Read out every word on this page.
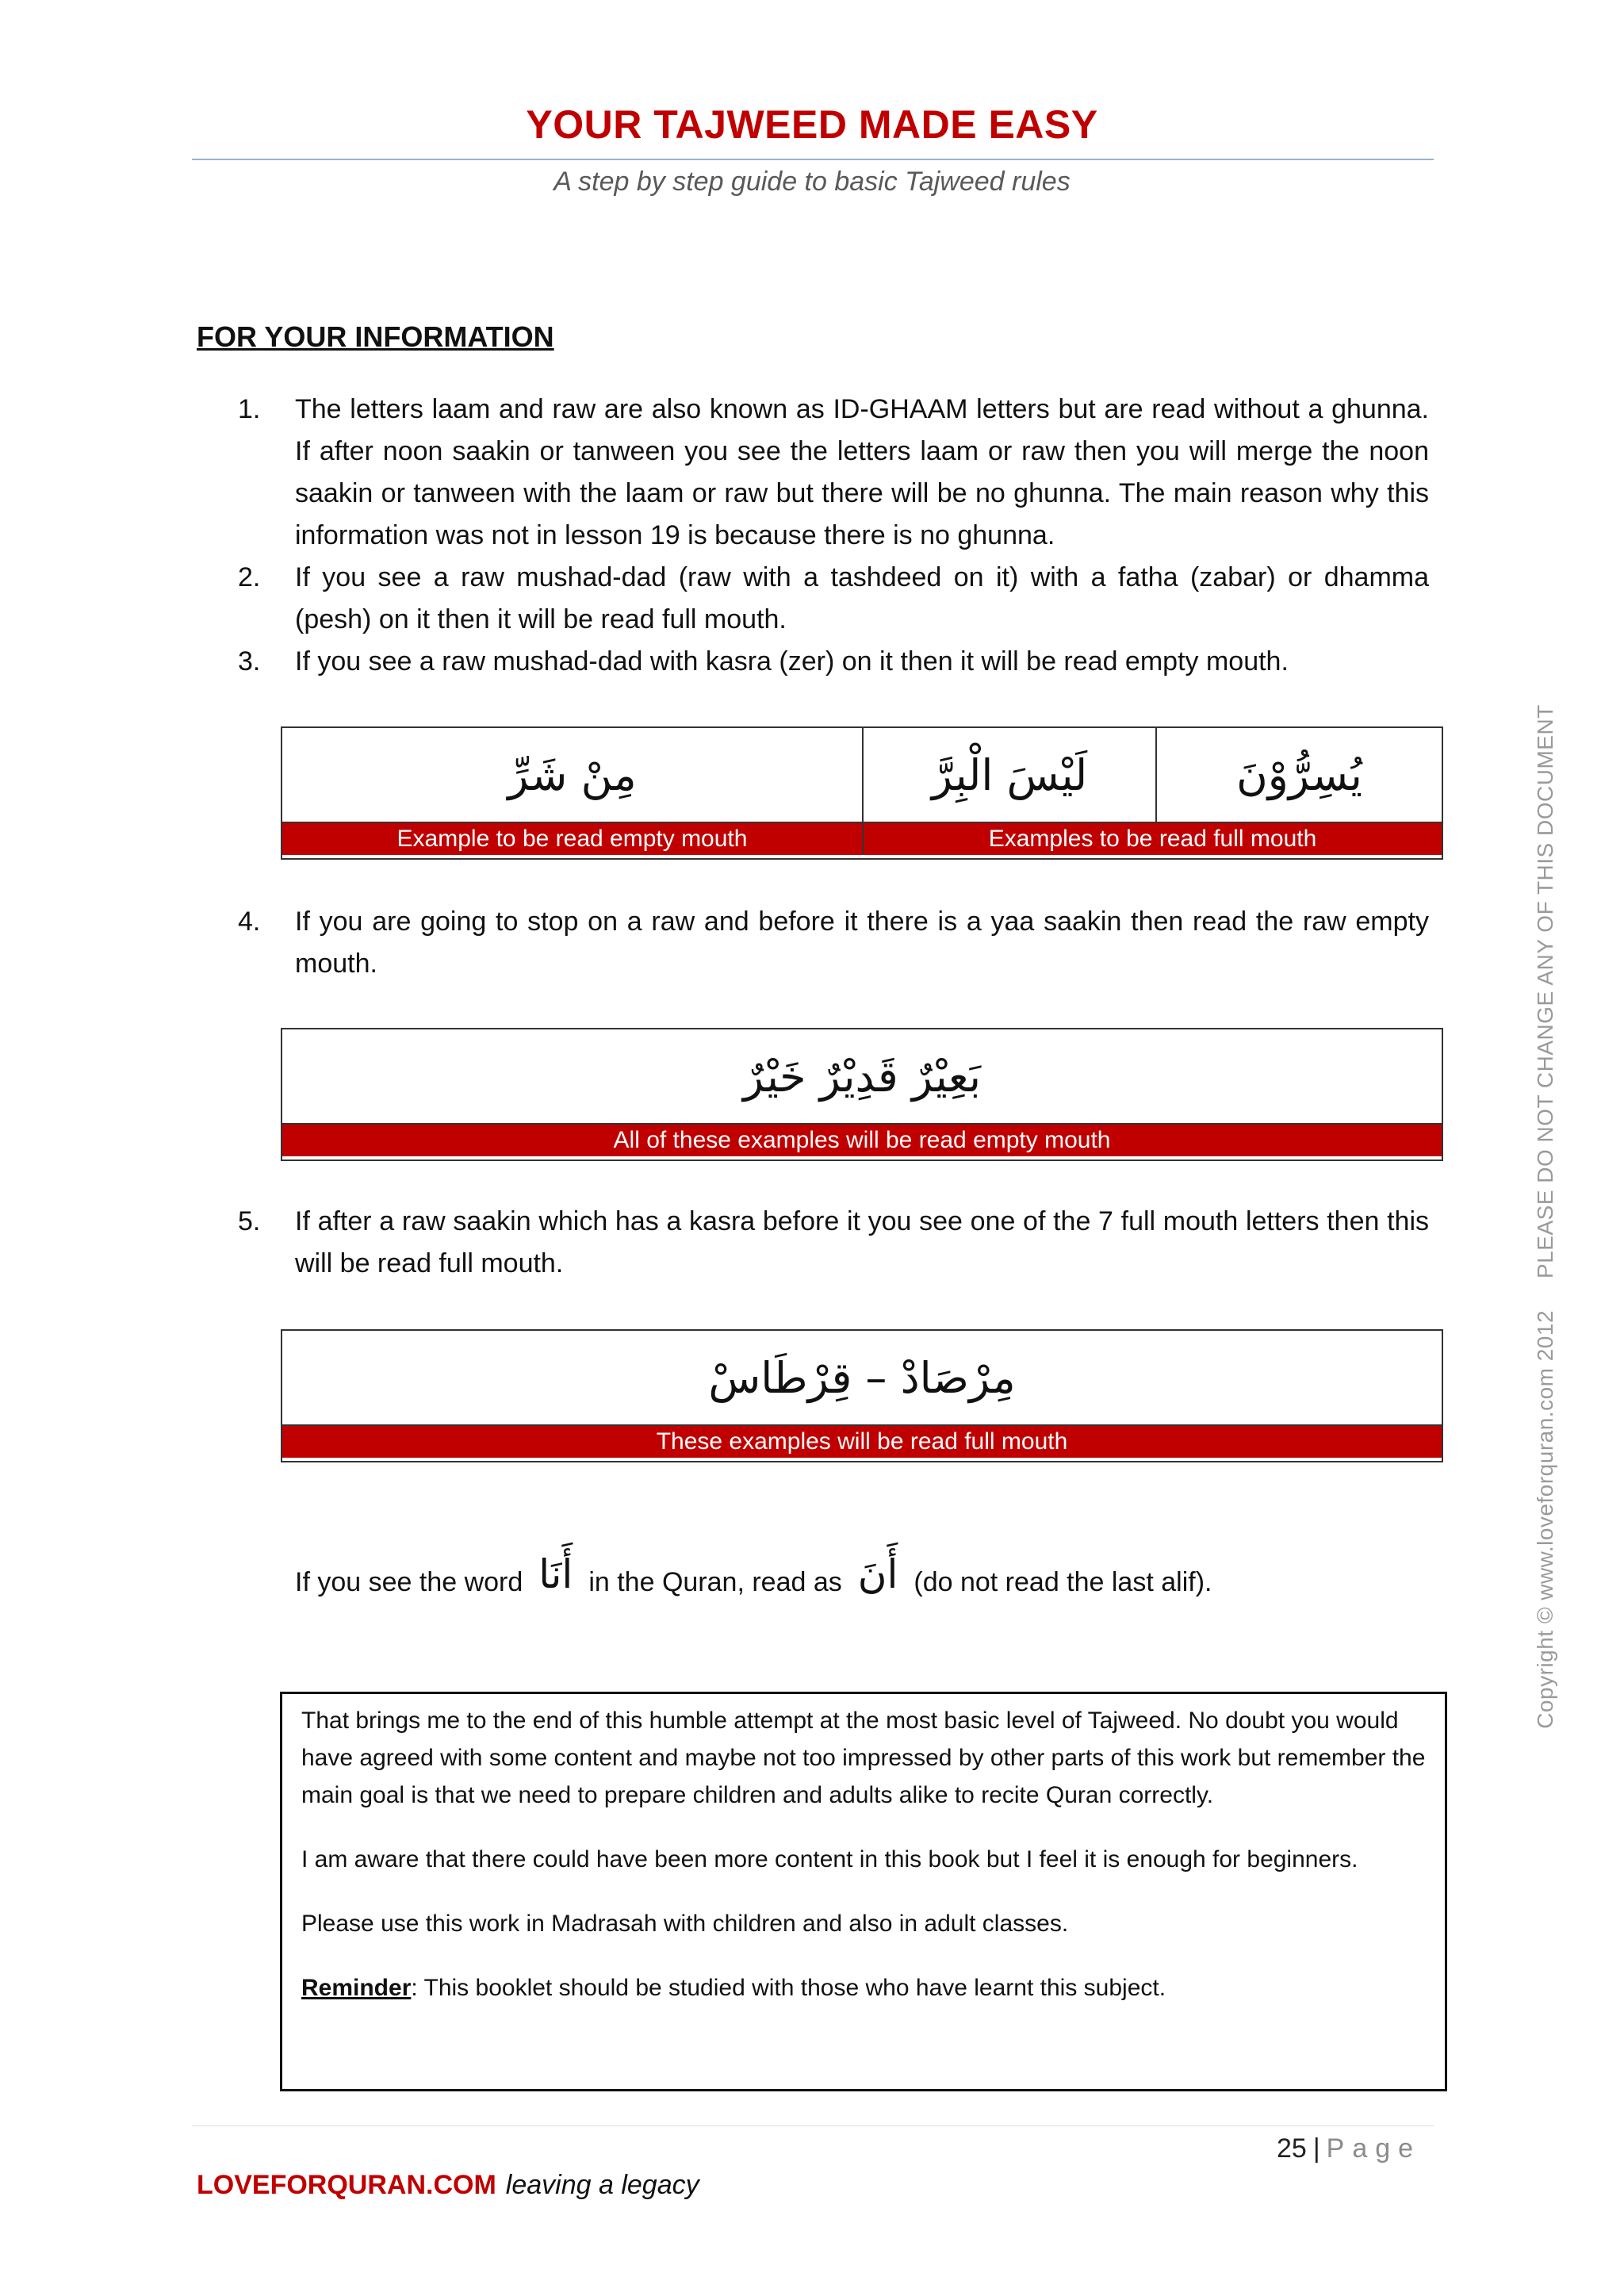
YOUR TAJWEED MADE EASY
A step by step guide to basic Tajweed rules
FOR YOUR INFORMATION
1.	The letters laam and raw are also known as ID-GHAAM letters but are read without a ghunna. If after noon saakin or tanween you see the letters laam or raw then you will merge the noon saakin or tanween with the laam or raw but there will be no ghunna. The main reason why this information was not in lesson 19 is because there is no ghunna.
2.	If you see a raw mushad-dad (raw with a tashdeed on it) with a fatha (zabar) or dhamma (pesh) on it then it will be read full mouth.
3.	If you see a raw mushad-dad with kasra (zer) on it then it will be read empty mouth.
مِنْ شَرِّ	لَيْسَ الْبِرَّ	يُسِرُّوْنَ
Example to be read empty mouth	Examples to be read full mouth
4.	If you are going to stop on a raw and before it there is a yaa saakin then read the raw empty mouth.
بَعِيْرٌ قَدِيْرٌ خَيْرٌ
All of these examples will be read empty mouth
5.	If after a raw saakin which has a kasra before it you see one of the 7 full mouth letters then this will be read full mouth.
مِرْصَادْ – قِرْطَاسْ
These examples will be read full mouth
If you see the word أَنَا in the Quran, read as أَنَ (do not read the last alif).

That brings me to the end of this humble attempt at the most basic level of Tajweed. No doubt you would have agreed with some content and maybe not too impressed by other parts of this work but remember the main goal is that we need to prepare children and adults alike to recite Quran correctly.

I am aware that there could have been more content in this book but I feel it is enough for beginners.

Please use this work in Madrasah with children and also in adult classes.

Reminder: This booklet should be studied with those who have learnt this subject.

25 | Page
LOVEFORQURAN.COM leaving a legacy
Copyright © www.loveforquran.com 2012PLEASE DO NOT CHANGE ANY OF THIS DOCUMENT
